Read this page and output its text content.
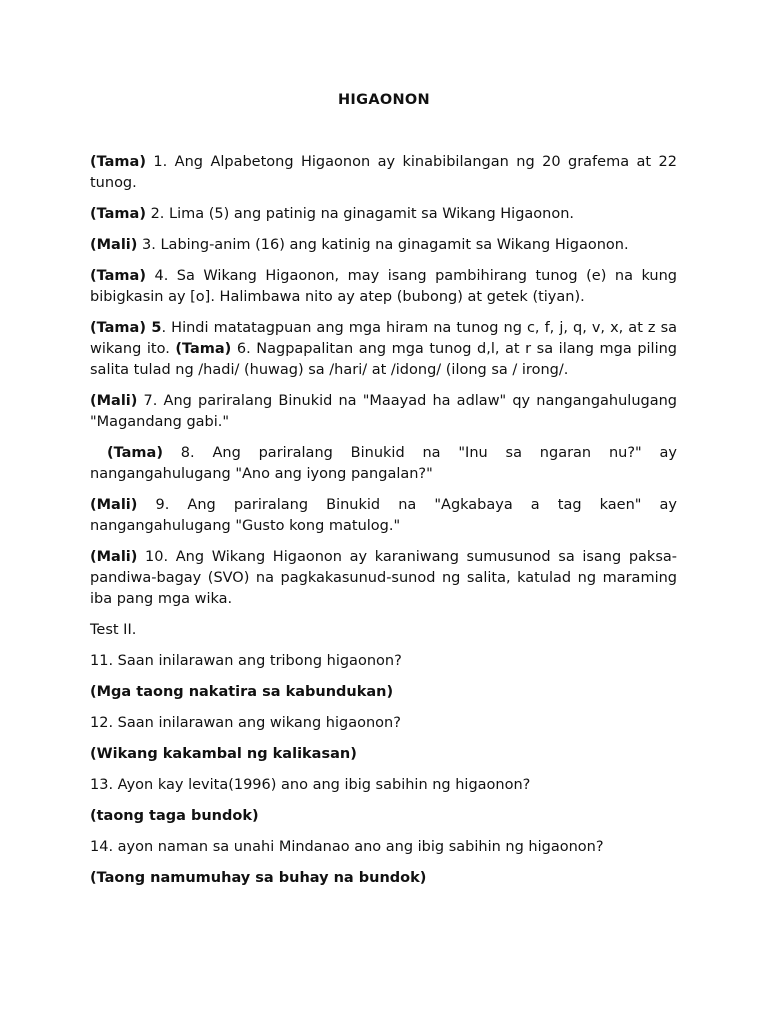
HIGAONON

(Tama) 1. Ang Alpabetong Higaonon ay kinabibilangan ng 20 grafema at 22 tunog.

(Tama) 2. Lima (5) ang patinig na ginagamit sa Wikang Higaonon.

(Mali) 3. Labing-anim (16) ang katinig na ginagamit sa Wikang Higaonon.

(Tama) 4. Sa Wikang Higaonon, may isang pambihirang tunog (e) na kung bibigkasin ay [o]. Halimbawa nito ay atep (bubong) at getek (tiyan).

(Tama) 5. Hindi matatagpuan ang mga hiram na tunog ng c, f, j, q, v, x, at z sa wikang ito. (Tama) 6. Nagpapalitan ang mga tunog d,l, at r sa ilang mga piling salita tulad ng /hadi/ (huwag) sa /hari/ at /idong/ (ilong sa / irong/.

(Mali) 7. Ang pariralang Binukid na "Maayad ha adlaw" qy nangangahulugang "Magandang gabi."

(Tama) 8. Ang pariralang Binukid na "Inu sa ngaran nu?" ay nangangahulugang "Ano ang iyong pangalan?"

(Mali) 9. Ang pariralang Binukid na "Agkabaya a tag kaen" ay nangangahulugang "Gusto kong matulog."

(Mali) 10. Ang Wikang Higaonon ay karaniwang sumusunod sa isang paksa-pandiwa-bagay (SVO) na pagkakasunud-sunod ng salita, katulad ng maraming iba pang mga wika.

Test II.

11. Saan inilarawan ang tribong higaonon?

(Mga taong nakatira sa kabundukan)

12. Saan inilarawan ang wikang higaonon?

(Wikang kakambal ng kalikasan)

13. Ayon kay levita(1996) ano ang ibig sabihin ng higaonon?

(taong taga bundok)

14. ayon naman sa unahi Mindanao ano ang ibig sabihin ng higaonon?

(Taong namumuhay sa buhay na bundok)
